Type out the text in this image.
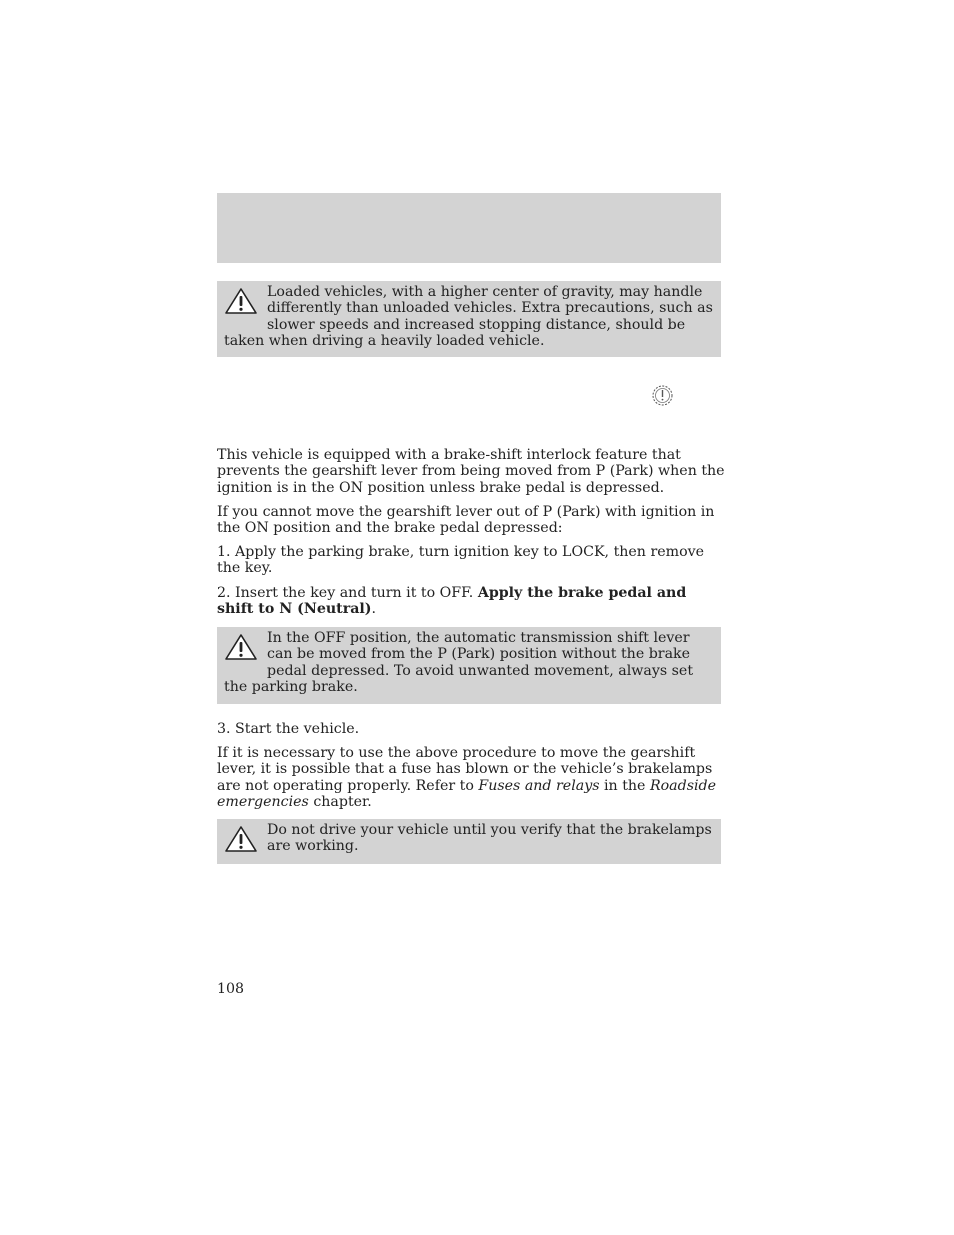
Loaded vehicles, with a higher center of gravity, may handle differently than unloaded vehicles. Extra precautions, such as slower speeds and increased stopping distance, should be taken when driving a heavily loaded vehicle.

This vehicle is equipped with a brake-shift interlock feature that prevents the gearshift lever from being moved from P (Park) when the ignition is in the ON position unless brake pedal is depressed.

If you cannot move the gearshift lever out of P (Park) with ignition in the ON position and the brake pedal depressed:

1. Apply the parking brake, turn ignition key to LOCK, then remove the key.

2. Insert the key and turn it to OFF. Apply the brake pedal and shift to N (Neutral).

In the OFF position, the automatic transmission shift lever can be moved from the P (Park) position without the brake pedal depressed. To avoid unwanted movement, always set the parking brake.

3. Start the vehicle.

If it is necessary to use the above procedure to move the gearshift lever, it is possible that a fuse has blown or the vehicle’s brakelamps are not operating properly. Refer to Fuses and relays in the Roadside emergencies chapter.

Do not drive your vehicle until you verify that the brakelamps are working.
108
